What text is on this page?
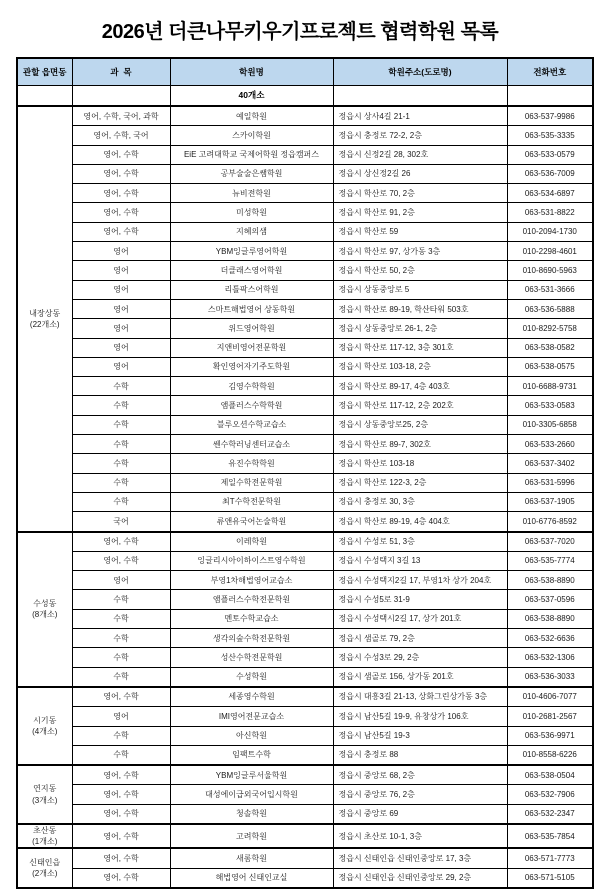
2026년 더큰나무키우기프로젝트 협력학원 목록
관할 읍면동	과  목	학원명	학원주소(도로명)	전화번호
		40개소		

내장상동
(22개소)	영어, 수학, 국어, 과학	예일학원	정읍시 상사4길 21-1	063-537-9986
	영어, 수학, 국어	스카이학원	정읍시 충정로 72-2, 2층	063-535-3335
	영어, 수학	EiE 고려대학교 국제어학원 정읍캠퍼스	정읍시 신정2길 28, 302호	063-533-0579
	영어, 수학	공부술술은쌤학원	정읍시 상신정2길 26	063-536-7009
	영어, 수학	뉴비전학원	정읍시 학산로 70, 2층	063-534-6897
	영어, 수학	미성학원	정읍시 학산로 91, 2층	063-531-8822
	영어, 수학	지혜의샘	정읍시 학산로 59	010-2094-1730
	영어	YBM잉글루영어학원	정읍시 학산로 97, 상가동 3층	010-2298-4601
	영어	더클래스영어학원	정읍시 학산로 50, 2층	010-8690-5963
	영어	리틀팍스어학원	정읍시 상동중앙로 5	063-531-3666
	영어	스마트해법영어 상동학원	정읍시 학산로 89-19, 학산타워 503호	063-536-5888
	영어	위드영어학원	정읍시 상동중앙로 26-1, 2층	010-8292-5758
	영어	지앤비영어전문학원	정읍시 학산로 117-12, 3층 301호	063-538-0582
	영어	확인영어자기주도학원	정읍시 학산로 103-18, 2층	063-538-0575
	수학	김영수학학원	정읍시 학산로 89-17, 4층 403호	010-6688-9731
	수학	앰플러스수학학원	정읍시 학산로 117-12, 2층 202호	063-533-0583
	수학	블루오션수학교습소	정읍시 상동중앙로25, 2층	010-3305-6858
	수학	쎈수학러닝센터교습소	정읍시 학산로 89-7, 302호	063-533-2660
	수학	유진수학학원	정읍시 학산로 103-18	063-537-3402
	수학	제일수학전문학원	정읍시 학산로 122-3, 2층	063-531-5996
	수학	최T수학전문학원	정읍시 충정로 30, 3층	063-537-1905
	국어	류앤유국어논술학원	정읍시 학산로 89-19, 4층 404호	010-6776-8592

수성동
(8개소)	영어, 수학	이레학원	정읍시 수성로 51, 3층	063-537-7020
	영어, 수학	잉글리시아이하이스트영수학원	정읍시 수성택지 3길 13	063-535-7774
	영어	부영1차해법영어교습소	정읍시 수성택지2길 17, 부영1차 상가 204호	063-538-8890
	수학	앰플러스수학전문학원	정읍시 수성5로 31-9	063-537-0596
	수학	멘토수학교습소	정읍시 수성택시2길 17, 상가 201호	063-538-8890
	수학	생각의숲수학전문학원	정읍시 샘골로 79, 2층	063-532-6636
	수학	성산수학전문학원	정읍시 수성3로 29, 2층	063-532-1306
	수학	수성학원	정읍시 샘골로 156, 상가동 201호	063-536-3033

시기동
(4개소)	영어, 수학	세종영수학원	정읍시 대흥3길 21-13, 상화그린상가동 3층	010-4606-7077
	영어	IMI영어전문교습소	정읍시 남산5길 19-9, 유창상가 106호	010-2681-2567
	수학	아신학원	정읍시 남산5길 19-3	063-536-9971
	수학	임팩트수학	정읍시 충정로 88	010-8558-6226

연지동
(3개소)	영어, 수학	YBM잉글루서울학원	정읍시 중앙로 68, 2층	063-538-0504
	영어, 수학	대성에이급외국어입시학원	정읍시 중앙로 76, 2층	063-532-7906
	영어, 수학	청솔학원	정읍시 중앙로 69	063-532-2347

초산동
(1개소)	영어, 수학	고려학원	정읍시 초산로 10-1, 3층	063-535-7854

신태인읍
(2개소)	영어, 수학	새롬학원	정읍시 신태인읍 신태인중앙로 17, 3층	063-571-7773
	영어, 수학	해법영어 신태인교실	정읍시 신태인읍 신태인중앙로 29, 2층	063-571-5105
